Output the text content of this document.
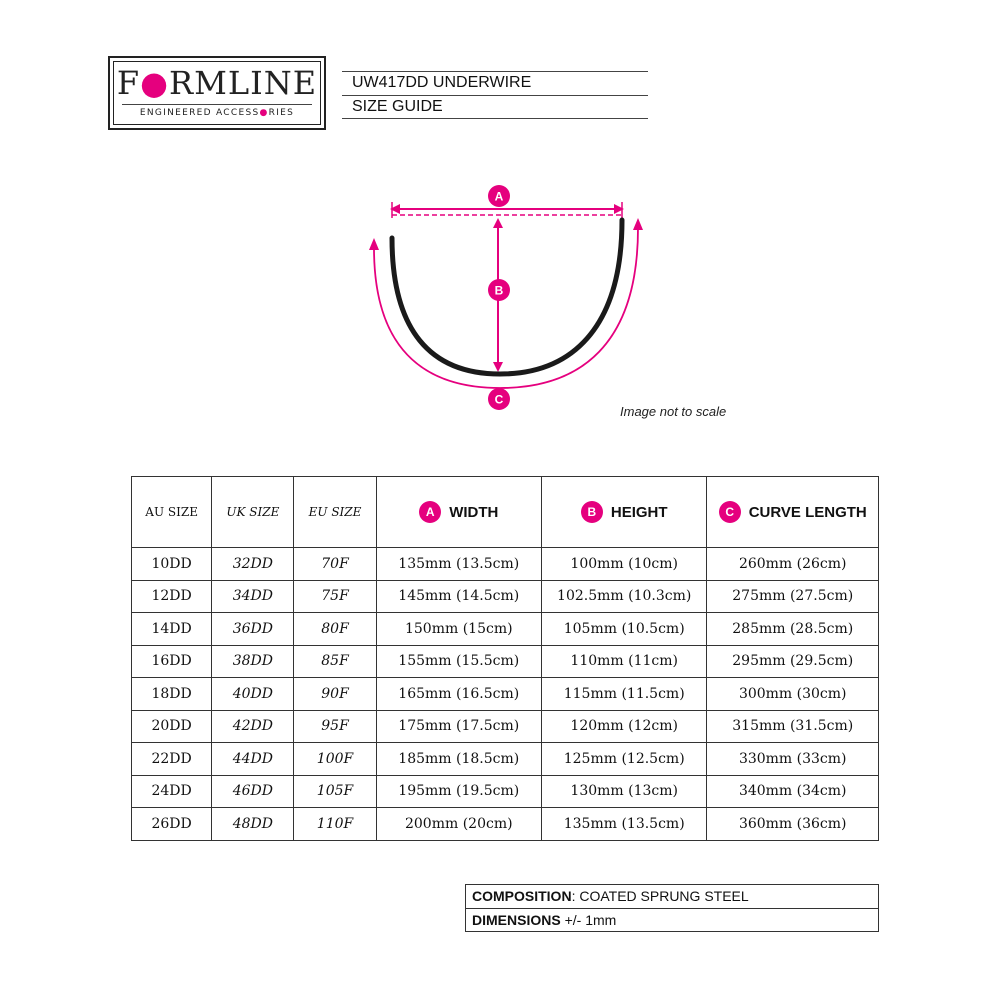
F●RMLINE
ENGINEERED ACCESS●RIES
UW417DD UNDERWIRE
SIZE GUIDE
A
B
C
Image not to scale
AU SIZE	UK SIZE	EU SIZE	A WIDTH	B HEIGHT	C CURVE LENGTH

10DD	32DD	70F	135mm (13.5cm)	100mm (10cm)	260mm (26cm)
12DD	34DD	75F	145mm (14.5cm)	102.5mm (10.3cm)	275mm (27.5cm)
14DD	36DD	80F	150mm (15cm)	105mm (10.5cm)	285mm (28.5cm)
16DD	38DD	85F	155mm (15.5cm)	110mm (11cm)	295mm (29.5cm)
18DD	40DD	90F	165mm (16.5cm)	115mm (11.5cm)	300mm (30cm)
20DD	42DD	95F	175mm (17.5cm)	120mm (12cm)	315mm (31.5cm)
22DD	44DD	100F	185mm (18.5cm)	125mm (12.5cm)	330mm (33cm)
24DD	46DD	105F	195mm (19.5cm)	130mm (13cm)	340mm (34cm)
26DD	48DD	110F	200mm (20cm)	135mm (13.5cm)	360mm (36cm)
COMPOSITION: COATED SPRUNG STEEL
DIMENSIONS +/- 1mm
